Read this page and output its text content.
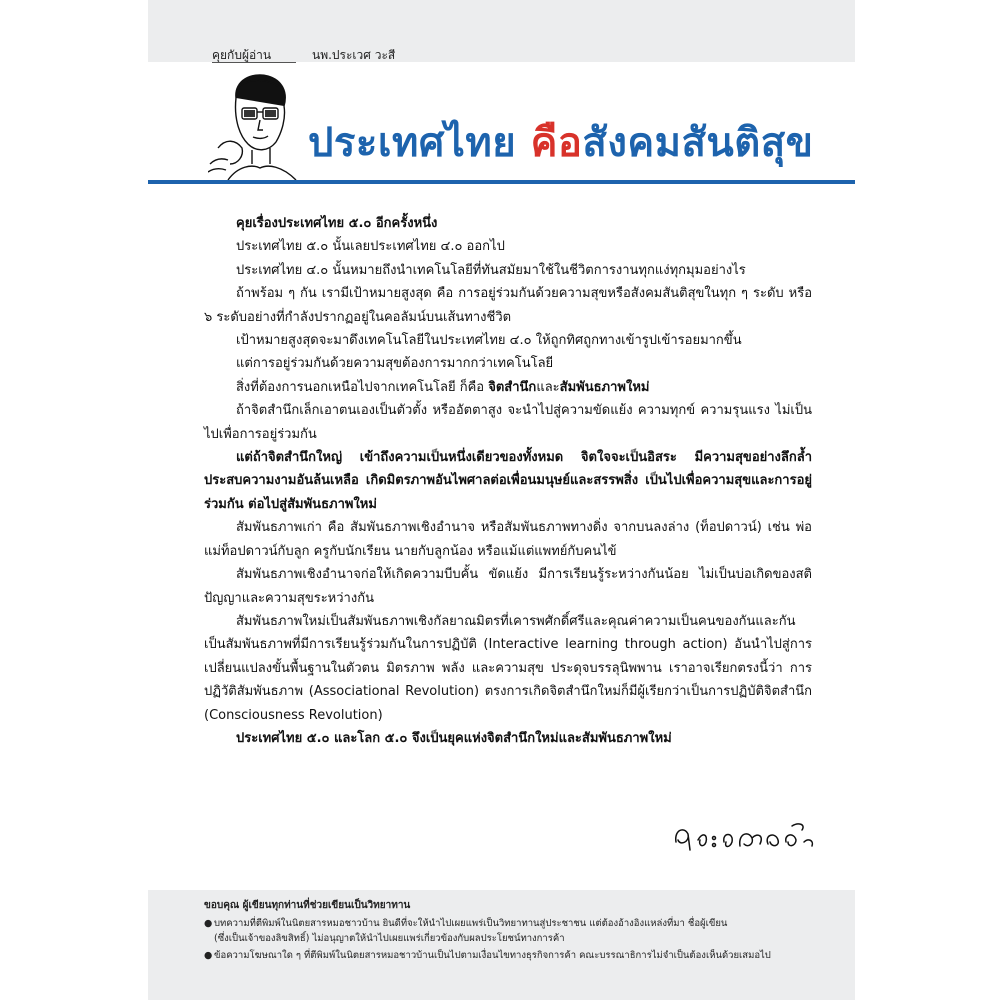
คุยกับผู้อ่าน	นพ.ประเวศ วะสี
ประเทศไทย คือสังคมสันติสุข

คุยเรื่องประเทศไทย ๕.๐ อีกครั้งหนึ่ง

ประเทศไทย ๕.๐ นั้นเลยประเทศไทย ๔.๐ ออกไป

ประเทศไทย ๔.๐ นั้นหมายถึงนำเทคโนโลยีที่ทันสมัยมาใช้ในชีวิตการงานทุกแง่ทุกมุมอย่างไร

ถ้าพร้อม ๆ กัน เรามีเป้าหมายสูงสุด คือ การอยู่ร่วมกันด้วยความสุขหรือสังคมสันติสุขในทุก ๆ ระดับ หรือ ๖ ระดับอย่างที่กำลังปรากฏอยู่ในคอลัมน์บนเส้นทางชีวิต

เป้าหมายสูงสุดจะมาดึงเทคโนโลยีในประเทศไทย ๔.๐ ให้ถูกทิศถูกทางเข้ารูปเข้ารอยมากขึ้น

แต่การอยู่ร่วมกันด้วยความสุขต้องการมากกว่าเทคโนโลยี

สิ่งที่ต้องการนอกเหนือไปจากเทคโนโลยี ก็คือ จิตสำนึกและสัมพันธภาพใหม่

ถ้าจิตสำนึกเล็กเอาตนเองเป็นตัวตั้ง หรืออัตตาสูง จะนำไปสู่ความขัดแย้ง ความทุกข์ ความรุนแรง ไม่เป็นไปเพื่อการอยู่ร่วมกัน

แต่ถ้าจิตสำนึกใหญ่ เข้าถึงความเป็นหนึ่งเดียวของทั้งหมด จิตใจจะเป็นอิสระ มีความสุขอย่างลึกล้ำ ประสบความงามอันล้นเหลือ เกิดมิตรภาพอันไพศาลต่อเพื่อนมนุษย์และสรรพสิ่ง เป็นไปเพื่อความสุขและการอยู่ร่วมกัน ต่อไปสู่สัมพันธภาพใหม่

สัมพันธภาพเก่า คือ สัมพันธภาพเชิงอำนาจ หรือสัมพันธภาพทางดิ่ง จากบนลงล่าง (ท็อปดาวน์) เช่น พ่อแม่ท็อปดาวน์กับลูก ครูกับนักเรียน นายกับลูกน้อง หรือแม้แต่แพทย์กับคนไข้

สัมพันธภาพเชิงอำนาจก่อให้เกิดความบีบคั้น ขัดแย้ง มีการเรียนรู้ระหว่างกันน้อย ไม่เป็นบ่อเกิดของสติปัญญาและความสุขระหว่างกัน

สัมพันธภาพใหม่เป็นสัมพันธภาพเชิงกัลยาณมิตรที่เคารพศักดิ์ศรีและคุณค่าความเป็นคนของกันและกัน เป็นสัมพันธภาพที่มีการเรียนรู้ร่วมกันในการปฏิบัติ (Interactive learning through action) อันนำไปสู่การเปลี่ยนแปลงขั้นพื้นฐานในตัวตน มิตรภาพ พลัง และความสุข ประดุจบรรลุนิพพาน เราอาจเรียกตรงนี้ว่า การปฏิวัติสัมพันธภาพ (Associational Revolution) ตรงการเกิดจิตสำนึกใหม่ก็มีผู้เรียกว่าเป็นการปฏิบัติจิตสำนึก (Consciousness Revolution)

ประเทศไทย ๕.๐ และโลก ๕.๐ จึงเป็นยุคแห่งจิตสำนึกใหม่และสัมพันธภาพใหม่

ขอบคุณ ผู้เขียนทุกท่านที่ช่วยเขียนเป็นวิทยาทาน
● บทความที่ตีพิมพ์ในนิตยสารหมอชาวบ้าน ยินดีที่จะให้นำไปเผยแพร่เป็นวิทยาทานสู่ประชาชน แต่ต้องอ้างอิงแหล่งที่มา ชื่อผู้เขียน
(ซึ่งเป็นเจ้าของลิขสิทธิ์) ไม่อนุญาตให้นำไปเผยแพร่เกี่ยวข้องกับผลประโยชน์ทางการค้า
● ข้อความโฆษณาใด ๆ ที่ตีพิมพ์ในนิตยสารหมอชาวบ้านเป็นไปตามเงื่อนไขทางธุรกิจการค้า คณะบรรณาธิการไม่จำเป็นต้องเห็นด้วยเสมอไป
